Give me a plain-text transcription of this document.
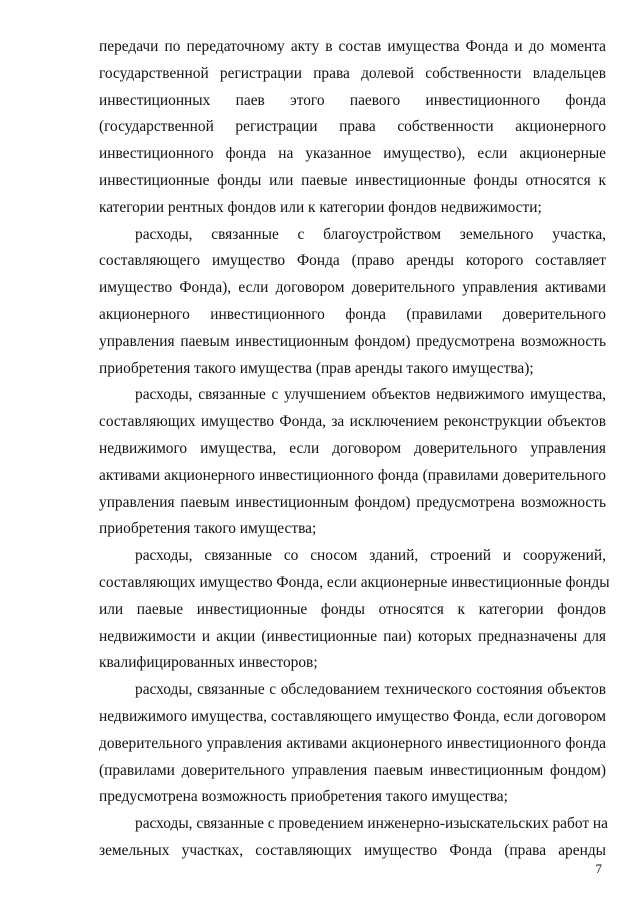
передачи по передаточному акту в состав имущества Фонда и до момента
государственной регистрации права долевой собственности владельцев
инвестиционных паев этого паевого инвестиционного фонда
(государственной регистрации права собственности акционерного
инвестиционного фонда на указанное имущество), если акционерные
инвестиционные фонды или паевые инвестиционные фонды относятся к
категории рентных фондов или к категории фондов недвижимости;
расходы, связанные с благоустройством земельного участка,
составляющего имущество Фонда (право аренды которого составляет
имущество Фонда), если договором доверительного управления активами
акционерного инвестиционного фонда (правилами доверительного
управления паевым инвестиционным фондом) предусмотрена возможность
приобретения такого имущества (прав аренды такого имущества);
расходы, связанные с улучшением объектов недвижимого имущества,
составляющих имущество Фонда, за исключением реконструкции объектов
недвижимого имущества, если договором доверительного управления
активами акционерного инвестиционного фонда (правилами доверительного
управления паевым инвестиционным фондом) предусмотрена возможность
приобретения такого имущества;
расходы, связанные со сносом зданий, строений и сооружений,
составляющих имущество Фонда, если акционерные инвестиционные фонды
или паевые инвестиционные фонды относятся к категории фондов
недвижимости и акции (инвестиционные паи) которых предназначены для
квалифицированных инвесторов;
расходы, связанные с обследованием технического состояния объектов
недвижимого имущества, составляющего имущество Фонда, если договором
доверительного управления активами акционерного инвестиционного фонда
(правилами доверительного управления паевым инвестиционным фондом)
предусмотрена возможность приобретения такого имущества;
расходы, связанные с проведением инженерно-изыскательских работ на
земельных участках, составляющих имущество Фонда (права аренды
7
